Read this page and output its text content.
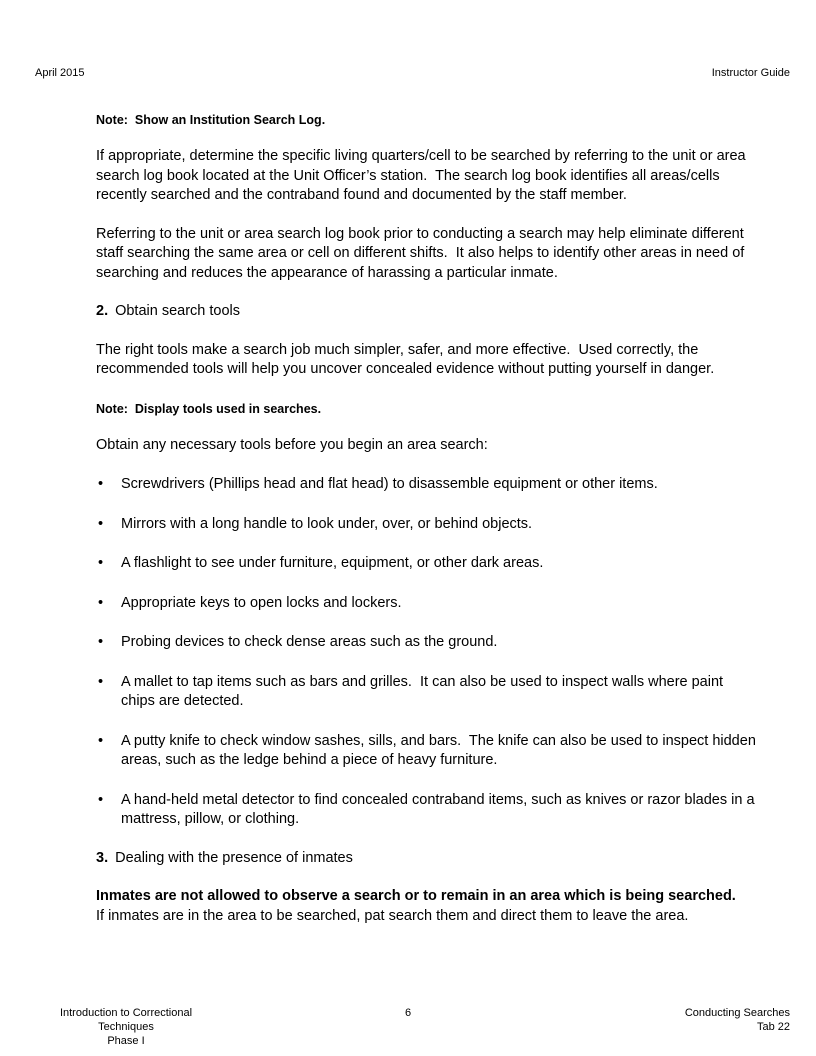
April 2015	Instructor Guide
Note:  Show an Institution Search Log.
If appropriate, determine the specific living quarters/cell to be searched by referring to the unit or area search log book located at the Unit Officer’s station.  The search log book identifies all areas/cells recently searched and the contraband found and documented by the staff member.
Referring to the unit or area search log book prior to conducting a search may help eliminate different staff searching the same area or cell on different shifts.  It also helps to identify other areas in need of searching and reduces the appearance of harassing a particular inmate.
2. Obtain search tools
The right tools make a search job much simpler, safer, and more effective.  Used correctly, the recommended tools will help you uncover concealed evidence without putting yourself in danger.
Note:  Display tools used in searches.
Obtain any necessary tools before you begin an area search:
• Screwdrivers (Phillips head and flat head) to disassemble equipment or other items.
• Mirrors with a long handle to look under, over, or behind objects.
• A flashlight to see under furniture, equipment, or other dark areas.
• Appropriate keys to open locks and lockers.
• Probing devices to check dense areas such as the ground.
• A mallet to tap items such as bars and grilles.  It can also be used to inspect walls where paint chips are detected.
• A putty knife to check window sashes, sills, and bars.  The knife can also be used to inspect hidden areas, such as the ledge behind a piece of heavy furniture.
• A hand-held metal detector to find concealed contraband items, such as knives or razor blades in a mattress, pillow, or clothing.
3. Dealing with the presence of inmates
Inmates are not allowed to observe a search or to remain in an area which is being searched.
If inmates are in the area to be searched, pat search them and direct them to leave the area.
Introduction to Correctional Techniques
Phase I
6	Conducting Searches
Tab 22
